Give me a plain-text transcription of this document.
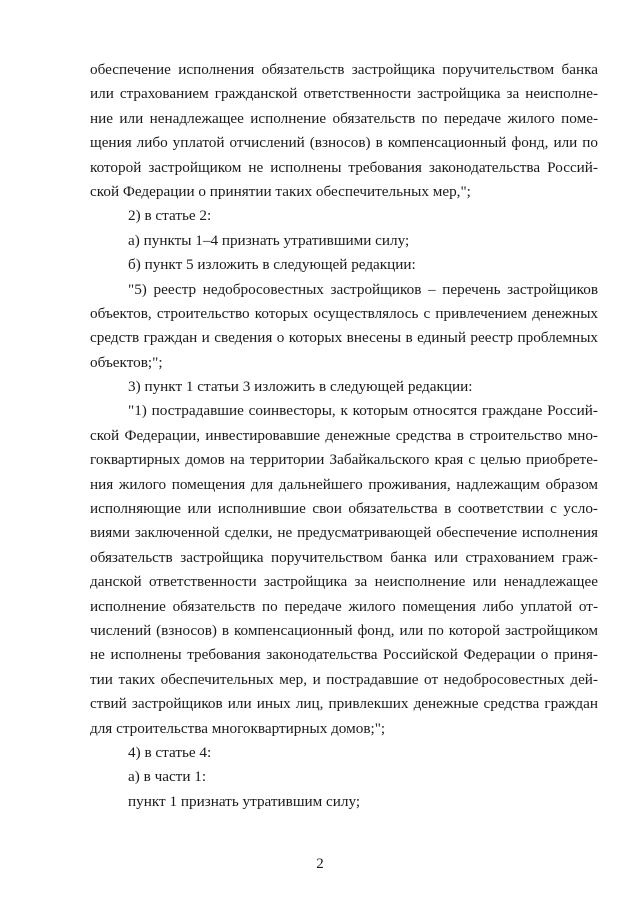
обеспечение исполнения обязательств застройщика поручительством банка
или страхованием гражданской ответственности застройщика за неисполне-
ние или ненадлежащее исполнение обязательств по передаче жилого поме-
щения либо уплатой отчислений (взносов) в компенсационный фонд, или по
которой застройщиком не исполнены требования законодательства Россий-
ской Федерации о принятии таких обеспечительных мер,";
2) в статье 2:
а) пункты 1–4 признать утратившими силу;
б) пункт 5 изложить в следующей редакции:
"5) реестр недобросовестных застройщиков – перечень застройщиков
объектов, строительство которых осуществлялось с привлечением денежных
средств граждан и сведения о которых внесены в единый реестр проблемных
объектов;";
3) пункт 1 статьи 3 изложить в следующей редакции:
"1) пострадавшие соинвесторы, к которым относятся граждане Россий-
ской Федерации, инвестировавшие денежные средства в строительство мно-
гоквартирных домов на территории Забайкальского края с целью приобрете-
ния жилого помещения для дальнейшего проживания, надлежащим образом
исполняющие или исполнившие свои обязательства в соответствии с усло-
виями заключенной сделки, не предусматривающей обеспечение исполнения
обязательств застройщика поручительством банка или страхованием граж-
данской ответственности застройщика за неисполнение или ненадлежащее
исполнение обязательств по передаче жилого помещения либо уплатой от-
числений (взносов) в компенсационный фонд, или по которой застройщиком
не исполнены требования законодательства Российской Федерации о приня-
тии таких обеспечительных мер, и пострадавшие от недобросовестных дей-
ствий застройщиков или иных лиц, привлекших денежные средства граждан
для строительства многоквартирных домов;";
4) в статье 4:
а) в части 1:
пункт 1 признать утратившим силу;
2
